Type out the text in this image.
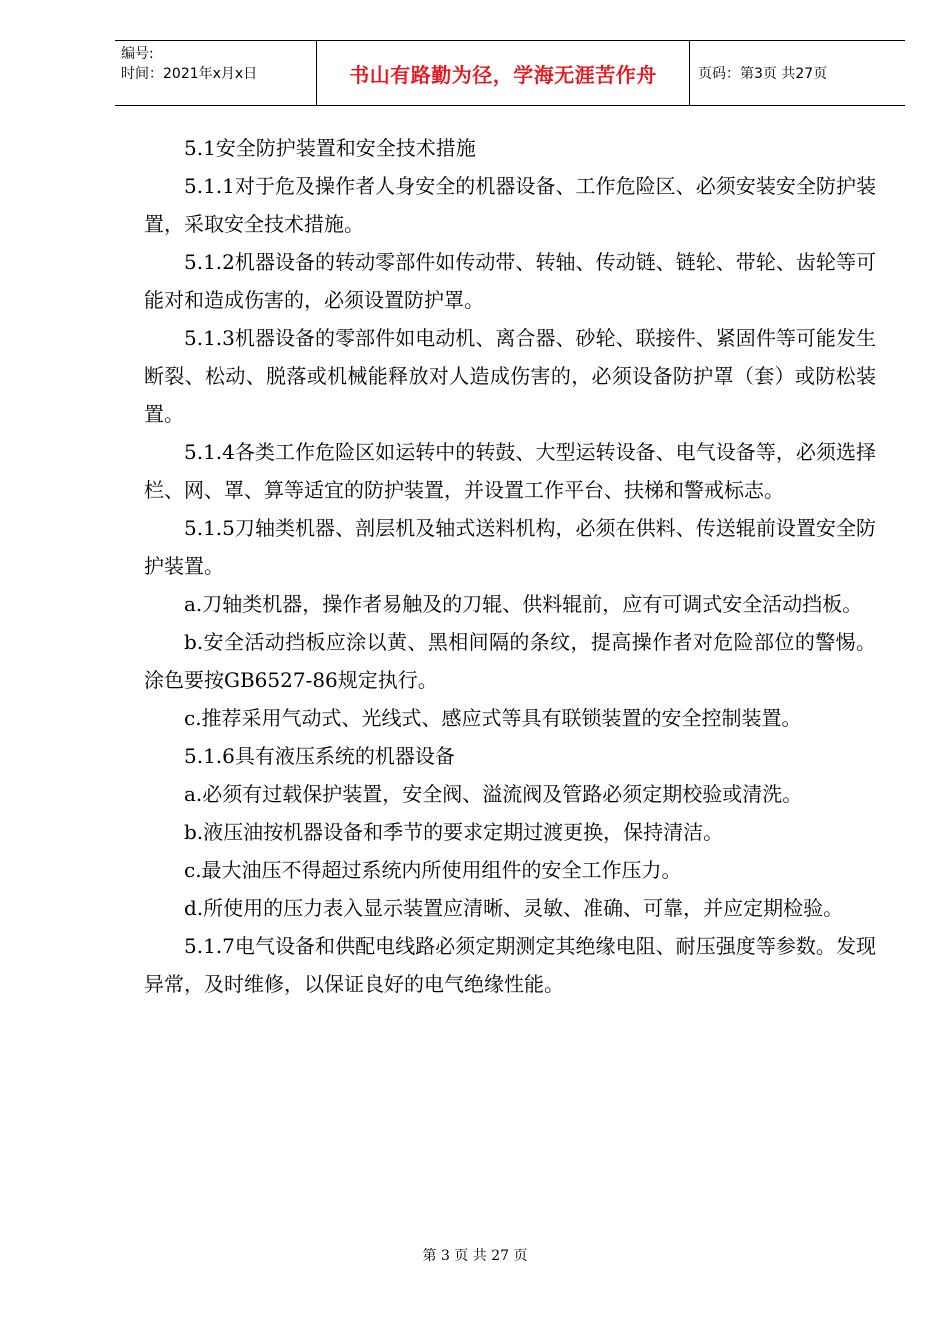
编号:
时间：2021年x月x日	书山有路勤为径，学海无涯苦作舟	页码：第3页 共27页

5.1安全防护装置和安全技术措施

5.1.1对于危及操作者人身安全的机器设备、工作危险区、必须安装安全防护装置，采取安全技术措施。

5.1.2机器设备的转动零部件如传动带、转轴、传动链、链轮、带轮、齿轮等可能对和造成伤害的，必须设置防护罩。

5.1.3机器设备的零部件如电动机、离合器、砂轮、联接件、紧固件等可能发生断裂、松动、脱落或机械能释放对人造成伤害的，必须设备防护罩（套）或防松装置。

5.1.4各类工作危险区如运转中的转鼓、大型运转设备、电气设备等，必须选择栏、网、罩、算等适宜的防护装置，并设置工作平台、扶梯和警戒标志。

5.1.5刀轴类机器、剖层机及轴式送料机构，必须在供料、传送辊前设置安全防护装置。

a.刀轴类机器，操作者易触及的刀辊、供料辊前，应有可调式安全活动挡板。

b.安全活动挡板应涂以黄、黑相间隔的条纹，提高操作者对危险部位的警惕。涂色要按GB6527-86规定执行。

c.推荐采用气动式、光线式、感应式等具有联锁装置的安全控制装置。

5.1.6具有液压系统的机器设备

a.必须有过载保护装置，安全阀、溢流阀及管路必须定期校验或清洗。

b.液压油按机器设备和季节的要求定期过渡更换，保持清洁。

c.最大油压不得超过系统内所使用组件的安全工作压力。

d.所使用的压力表入显示装置应清晰、灵敏、准确、可靠，并应定期检验。

5.1.7电气设备和供配电线路必须定期测定其绝缘电阻、耐压强度等参数。发现异常，及时维修，以保证良好的电气绝缘性能。

第 3 页 共 27 页
